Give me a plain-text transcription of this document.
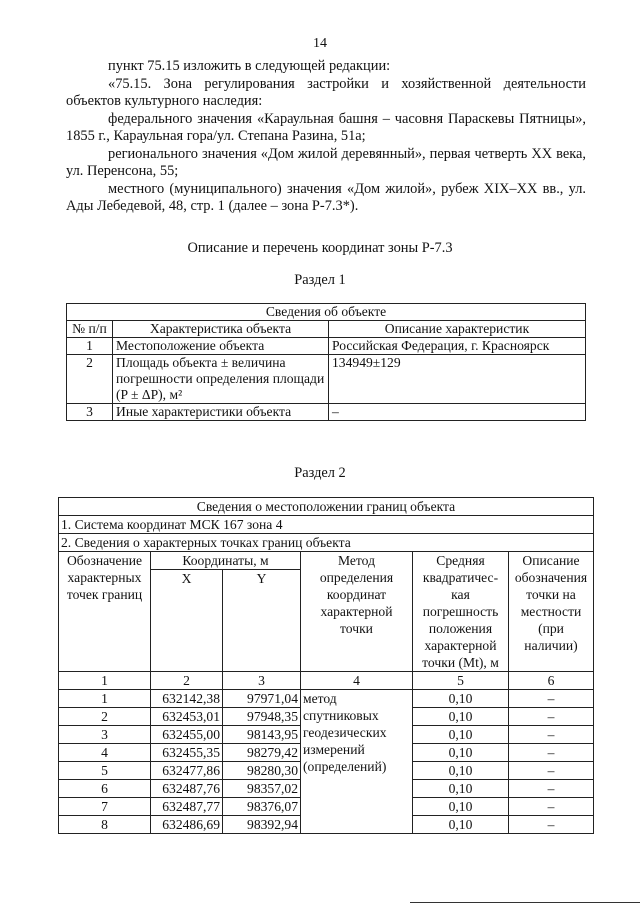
14

пункт 75.15 изложить в следующей редакции:

«75.15. Зона регулирования застройки и хозяйственной деятельности объектов культурного наследия:

федерального значения «Караульная башня – часовня Параскевы Пятницы», 1855 г., Караульная гора/ул. Степана Разина, 51а;

регионального значения «Дом жилой деревянный», первая четверть XX века, ул. Перенсона, 55;

местного (муниципального) значения «Дом жилой», рубеж XIX–XX вв., ул. Ады Лебедевой, 48, стр. 1 (далее – зона Р-7.3*).

Описание и перечень координат зоны Р-7.3
Раздел 1
Сведения об объекте		
№ п/п	Характеристика объекта	Описание характеристик
1	Местоположение объекта	Российская Федерация, г. Красноярск
2	Площадь объекта ± величина погрешности определения площади (P ± ΔP), м²	134949±129
3	Иные характеристики объекта	–
Раздел 2
Сведения о местоположении границ объекта					
1. Система координат МСК 167 зона 4					
2. Сведения о характерных точках границ объекта					
Обозначение характерных точек границ	Координаты, м		Метод определения координат характерной точки	Средняя квадратичес-кая погрешность положения характерной точки (Mt), м	Описание обозначения точки на местности (при наличии)
	X	Y			
1	2	3	4	5	6
1	632142,38	97971,04	метод спутниковых геодезических измерений (определений)	0,10	–
2	632453,01	97948,35		0,10	–
3	632455,00	98143,95		0,10	–
4	632455,35	98279,42		0,10	–
5	632477,86	98280,30		0,10	–
6	632487,76	98357,02		0,10	–
7	632487,77	98376,07		0,10	–
8	632486,69	98392,94		0,10	–
